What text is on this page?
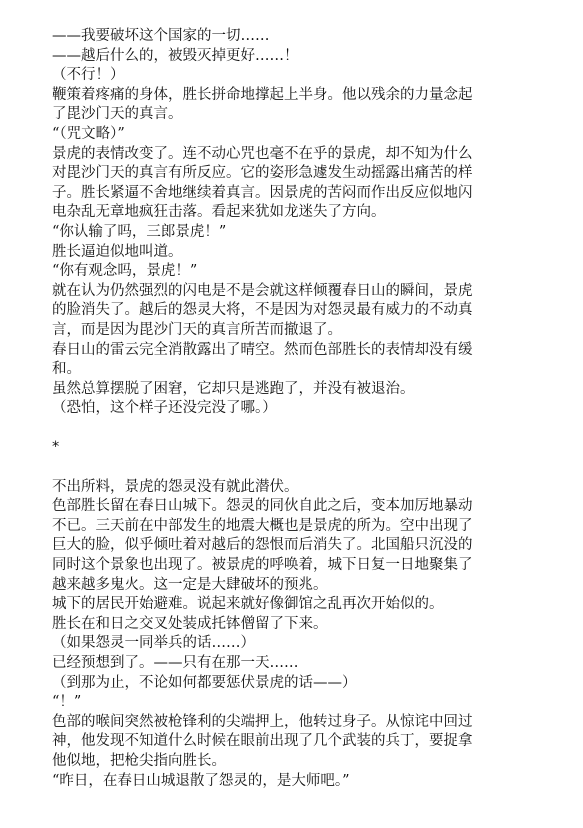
——我要破坏这个国家的一切……
——越后什么的，被毁灭掉更好……！
（不行！）
鞭策着疼痛的身体，胜长拼命地撑起上半身。他以残余的力量念起
了毘沙门天的真言。
“（咒文略）”
景虎的表情改变了。连不动心咒也毫不在乎的景虎，却不知为什么
对毘沙门天的真言有所反应。它的姿形急遽发生动摇露出痛苦的样
子。胜长紧逼不舍地继续着真言。因景虎的苦闷而作出反应似地闪
电杂乱无章地疯狂击落。看起来犹如龙迷失了方向。
“你认输了吗，三郎景虎！”
胜长逼迫似地叫道。
“你有观念吗，景虎！”
就在认为仍然强烈的闪电是不是会就这样倾覆春日山的瞬间，景虎
的脸消失了。越后的怨灵大将，不是因为对怨灵最有威力的不动真
言，而是因为毘沙门天的真言所苦而撤退了。
春日山的雷云完全消散露出了晴空。然而色部胜长的表情却没有缓
和。
虽然总算摆脱了困窘，它却只是逃跑了，并没有被退治。
（恐怕，这个样子还没完没了哪。）
*
不出所料，景虎的怨灵没有就此潜伏。
色部胜长留在春日山城下。怨灵的同伙自此之后，变本加厉地暴动
不已。三天前在中部发生的地震大概也是景虎的所为。空中出现了
巨大的脸，似乎倾吐着对越后的怨恨而后消失了。北国船只沉没的
同时这个景象也出现了。被景虎的呼唤着，城下日复一日地聚集了
越来越多鬼火。这一定是大肆破坏的预兆。
城下的居民开始避难。说起来就好像御馆之乱再次开始似的。
胜长在和日之交叉处装成托钵僧留了下来。
（如果怨灵一同举兵的话……）
已经预想到了。——只有在那一天……
（到那为止，不论如何都要惩伏景虎的话——）
“！”
色部的喉间突然被枪锋利的尖端押上，他转过身子。从惊诧中回过
神，他发现不知道什么时候在眼前出现了几个武装的兵丁，要捉拿
他似地，把枪尖指向胜长。
“昨日，在春日山城退散了怨灵的，是大师吧。”
